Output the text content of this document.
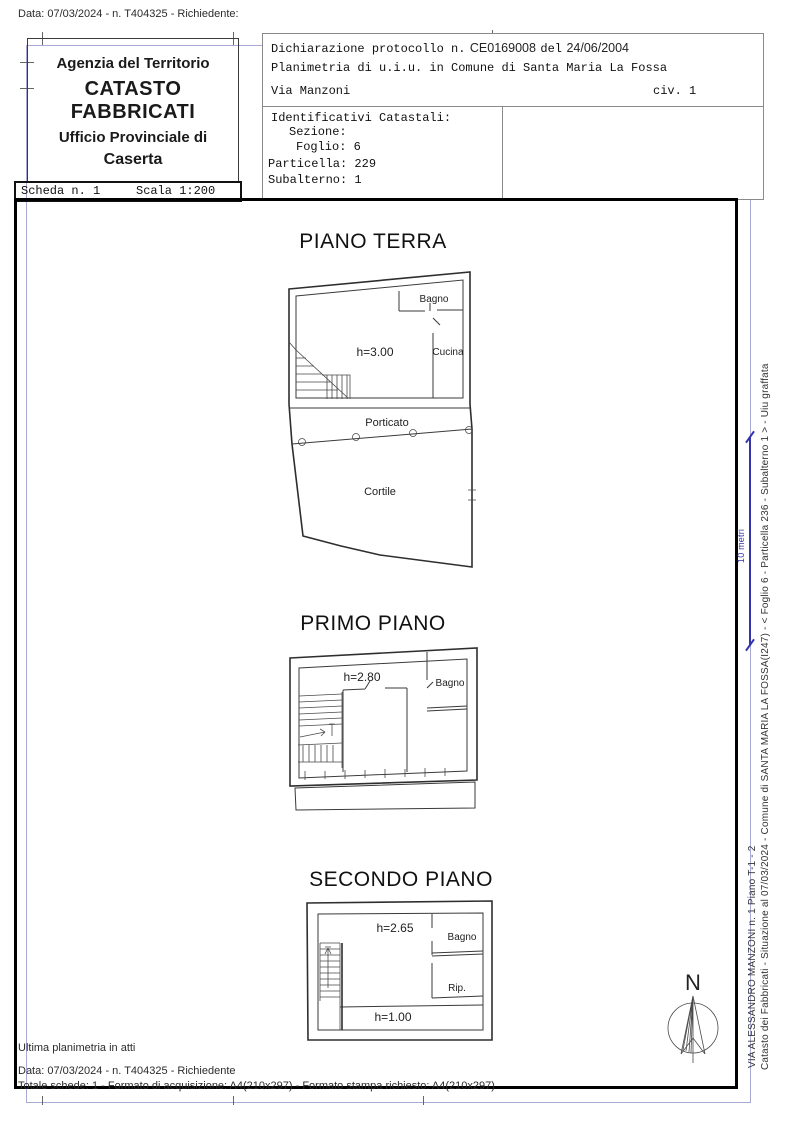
Data: 07/03/2024 - n. T404325 - Richiedente:
Agenzia del Territorio
CATASTO FABBRICATI
Ufficio Provinciale di
Caserta
Scheda n. 1	Scala 1:200
Dichiarazione protocollo n. CE0169008 del 24/06/2004
Planimetria di u.i.u. in Comune di Santa Maria La Fossa
Via Manzoni	civ. 1
Identificativi Catastali:
Sezione:
Foglio: 6
Particella: 229
Subalterno: 1
PIANO TERRA
PRIMO PIANO
SECONDO PIANO
Bagno
Cucina
h=3.00
Porticato
Cortile
h=2.80	Bagno
h=2.65
Bagno
Rip.
h=1.00
N
10 metri Catasto dei Fabbricati - Situazione al 07/03/2024 - Comune di SANTA MARIA LA FOSSA(I247) - < Foglio 6 - Particella 236 - Subalterno 1 > - Uiu graffata
VIA ALESSANDRO MANZONI n. 1 Piano T-1 - 2
Ultima planimetria in atti
Data: 07/03/2024 - n. T404325 - Richiedente
Totale schede: 1 - Formato di acquisizione: A4(210x297) - Formato stampa richiesto: A4(210x297)
